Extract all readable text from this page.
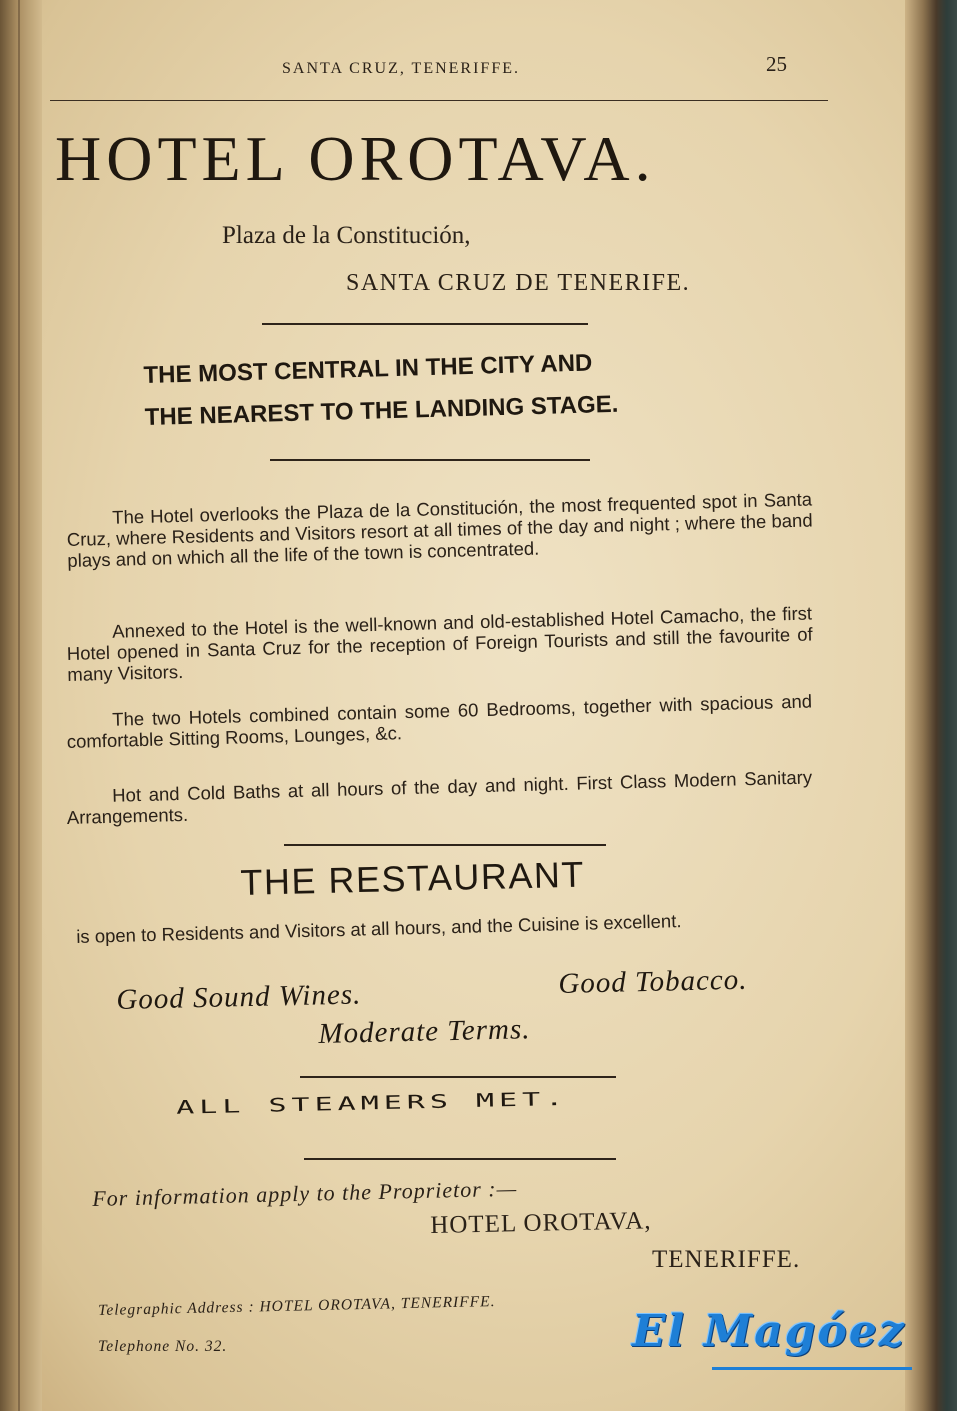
SANTA CRUZ, TENERIFFE.	25
HOTEL OROTAVA.
Plaza de la Constitución,
SANTA CRUZ DE TENERIFE.
THE MOST CENTRAL IN THE CITY AND
THE NEAREST TO THE LANDING STAGE.
The Hotel overlooks the Plaza de la Constitución, the most frequented spot in Santa Cruz, where Residents and Visitors resort at all times of the day and night ; where the band plays and on which all the life of the town is concentrated.
Annexed to the Hotel is the well-known and old-established Hotel Camacho, the first Hotel opened in Santa Cruz for the reception of Foreign Tourists and still the favourite of many Visitors.
The two Hotels combined contain some 60 Bedrooms, together with spacious and comfortable Sitting Rooms, Lounges, &c.
Hot and Cold Baths at all hours of the day and night. First Class Modern Sanitary Arrangements.
THE RESTAURANT
is open to Residents and Visitors at all hours, and the Cuisine is excellent.
Good Sound Wines.	Good Tobacco.
Moderate Terms.
ALL STEAMERS MET.
For information apply to the Proprietor :—
HOTEL OROTAVA,
TENERIFFE.
Telegraphic Address : HOTEL OROTAVA, TENERIFFE.
Telephone No. 32.	El Magóez
